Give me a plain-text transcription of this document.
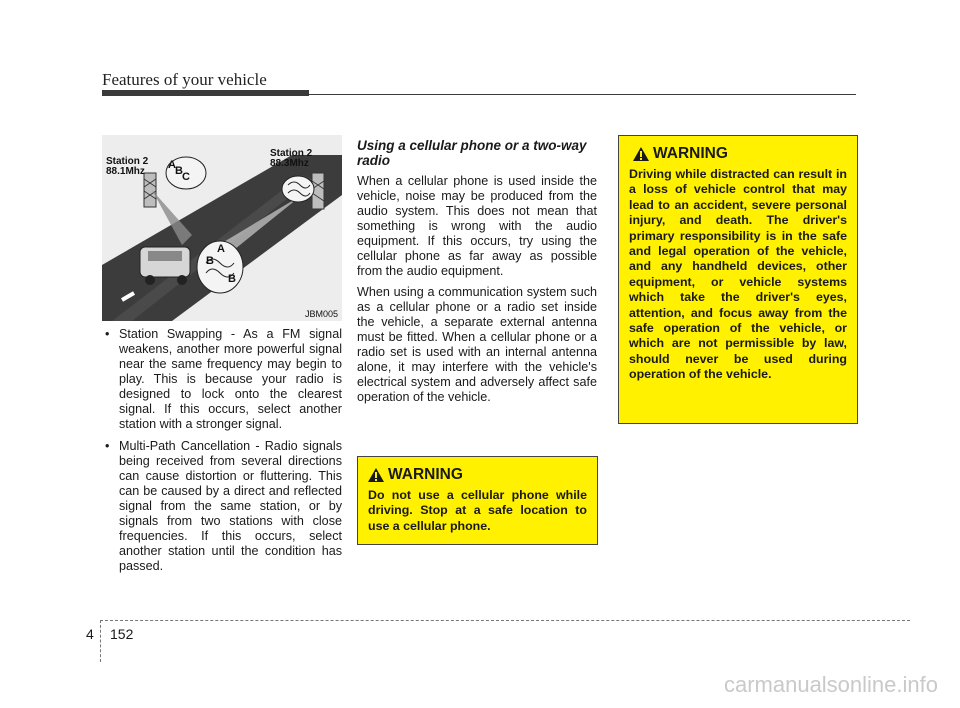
Features of your vehicle
Station 2
88.1Mhz
Station 2
88.3Mhz
A B C
A
B
B
JBM005
• Station Swapping - As a FM signal weakens, another more powerful signal near the same frequency may begin to play. This is because your radio is designed to lock onto the clearest signal. If this occurs, select another station with a stronger signal.
• Multi-Path Cancellation - Radio signals being received from several directions can cause distortion or fluttering. This can be caused by a direct and reflected signal from the same station, or by signals from two stations with close frequencies. If this occurs, select another station until the condition has passed.
Using a cellular phone or a two-way radio

When a cellular phone is used inside the vehicle, noise may be produced from the audio system. This does not mean that something is wrong with the audio equipment. If this occurs, try using the cellular phone as far away as possible from the audio equipment.

When using a communication system such as a cellular phone or a radio set inside the vehicle, a separate external antenna must be fitted. When a cellular phone or a radio set is used with an internal antenna alone, it may interfere with the vehicle's electrical system and adversely affect safe operation of the vehicle.

WARNING
Do not use a cellular phone while driving. Stop at a safe location to use a cellular phone.
WARNING
Driving while distracted can result in a loss of vehicle control that may lead to an accident, severe personal injury, and death. The driver's primary responsibility is in the safe and legal operation of the vehicle, and any handheld devices, other equipment, or vehicle systems which take the driver's eyes, attention, and focus away from the safe operation of the vehicle, or which are not permissible by law, should never be used during operation of the vehicle.
4 152
carmanualsonline.info
